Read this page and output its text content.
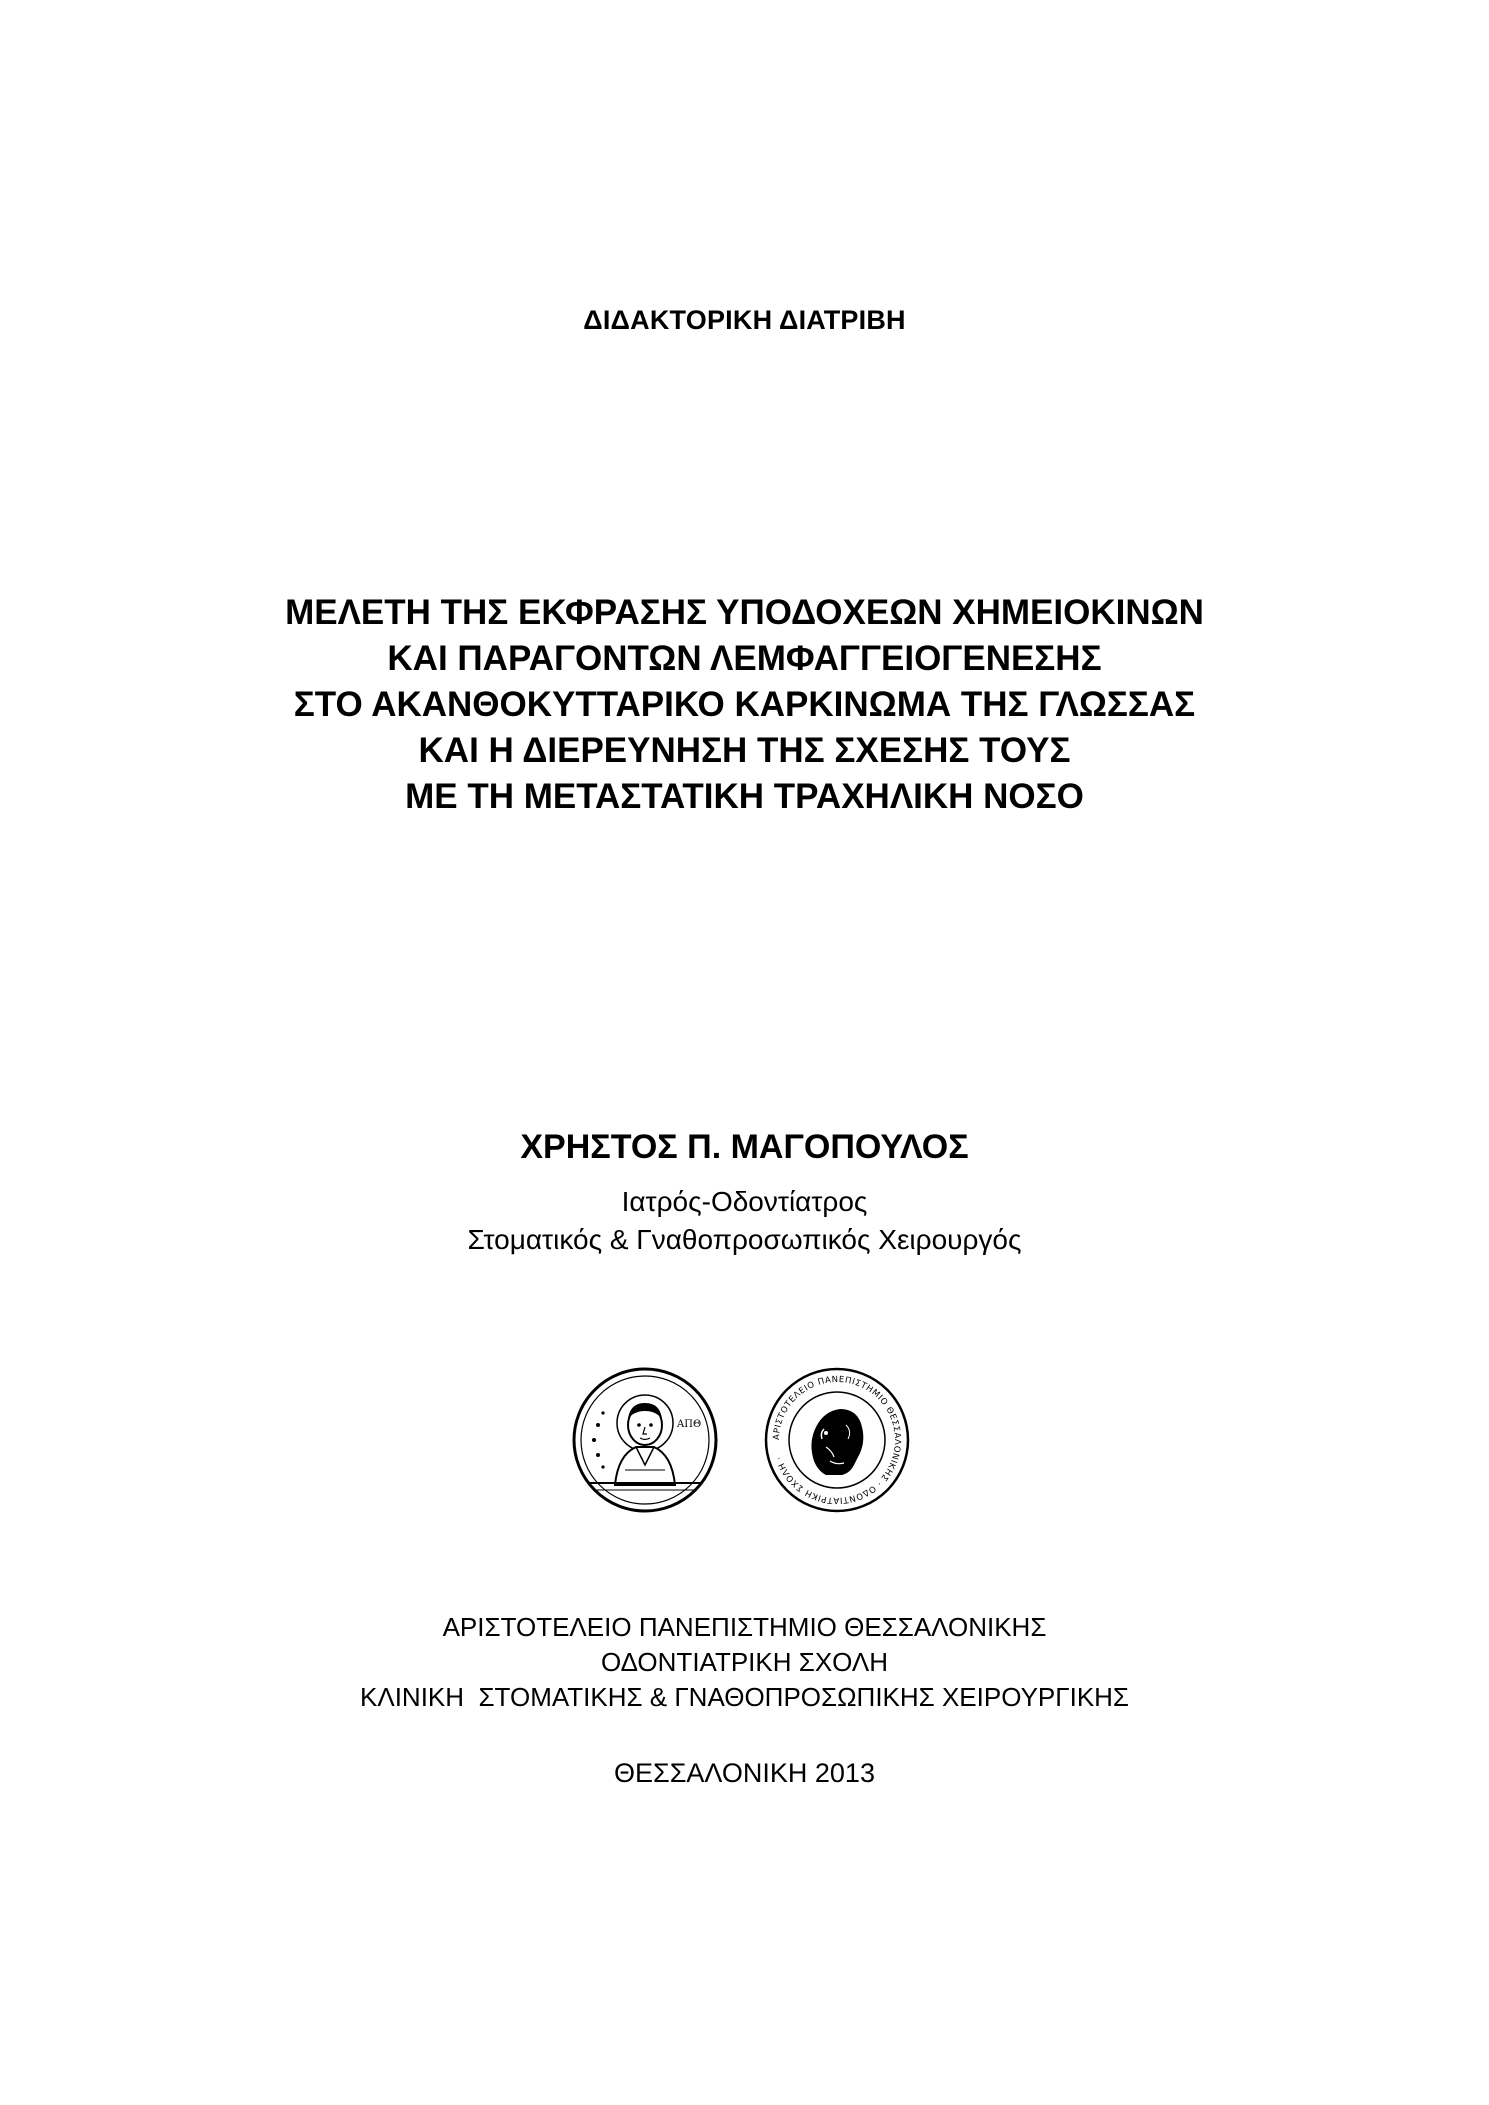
ΔΙΔΑΚΤΟΡΙΚΗ ΔΙΑΤΡΙΒΗ
ΜΕΛΕΤΗ ΤΗΣ ΕΚΦΡΑΣΗΣ ΥΠΟΔΟΧΕΩΝ ΧΗΜΕΙΟΚΙΝΩΝ
ΚΑΙ ΠΑΡΑΓΟΝΤΩΝ ΛΕΜΦΑΓΓΕΙΟΓΕΝΕΣΗΣ
ΣΤΟ ΑΚΑΝΘΟΚΥΤΤΑΡΙΚΟ ΚΑΡΚΙΝΩΜΑ ΤΗΣ ΓΛΩΣΣΑΣ
ΚΑΙ Η ΔΙΕΡΕΥΝΗΣΗ ΤΗΣ ΣΧΕΣΗΣ ΤΟΥΣ
ΜΕ ΤΗ ΜΕΤΑΣΤΑΤΙΚΗ ΤΡΑΧΗΛΙΚΗ ΝΟΣΟ
ΧΡΗΣΤΟΣ Π. ΜΑΓΟΠΟΥΛΟΣ
Ιατρός-Οδοντίατρος
Στοματικός & Γναθοπροσωπικός Χειρουργός
ΑΠΘ
ΑΡΙΣΤΟΤΕΛΕΙΟ ΠΑΝΕΠΙΣΤΗΜΙΟ ΘΕΣΣΑΛΟΝΙΚΗΣ · ΟΔΟΝΤΙΑΤΡΙΚΗ ΣΧΟΛΗ ·
ΑΡΙΣΤΟΤΕΛΕΙΟ ΠΑΝΕΠΙΣΤΗΜΙΟ ΘΕΣΣΑΛΟΝΙΚΗΣ
ΟΔΟΝΤΙΑΤΡΙΚΗ ΣΧΟΛΗ
ΚΛΙΝΙΚΗ  ΣΤΟΜΑΤΙΚΗΣ & ΓΝΑΘΟΠΡΟΣΩΠΙΚΗΣ ΧΕΙΡΟΥΡΓΙΚΗΣ
ΘΕΣΣΑΛΟΝΙΚΗ 2013
